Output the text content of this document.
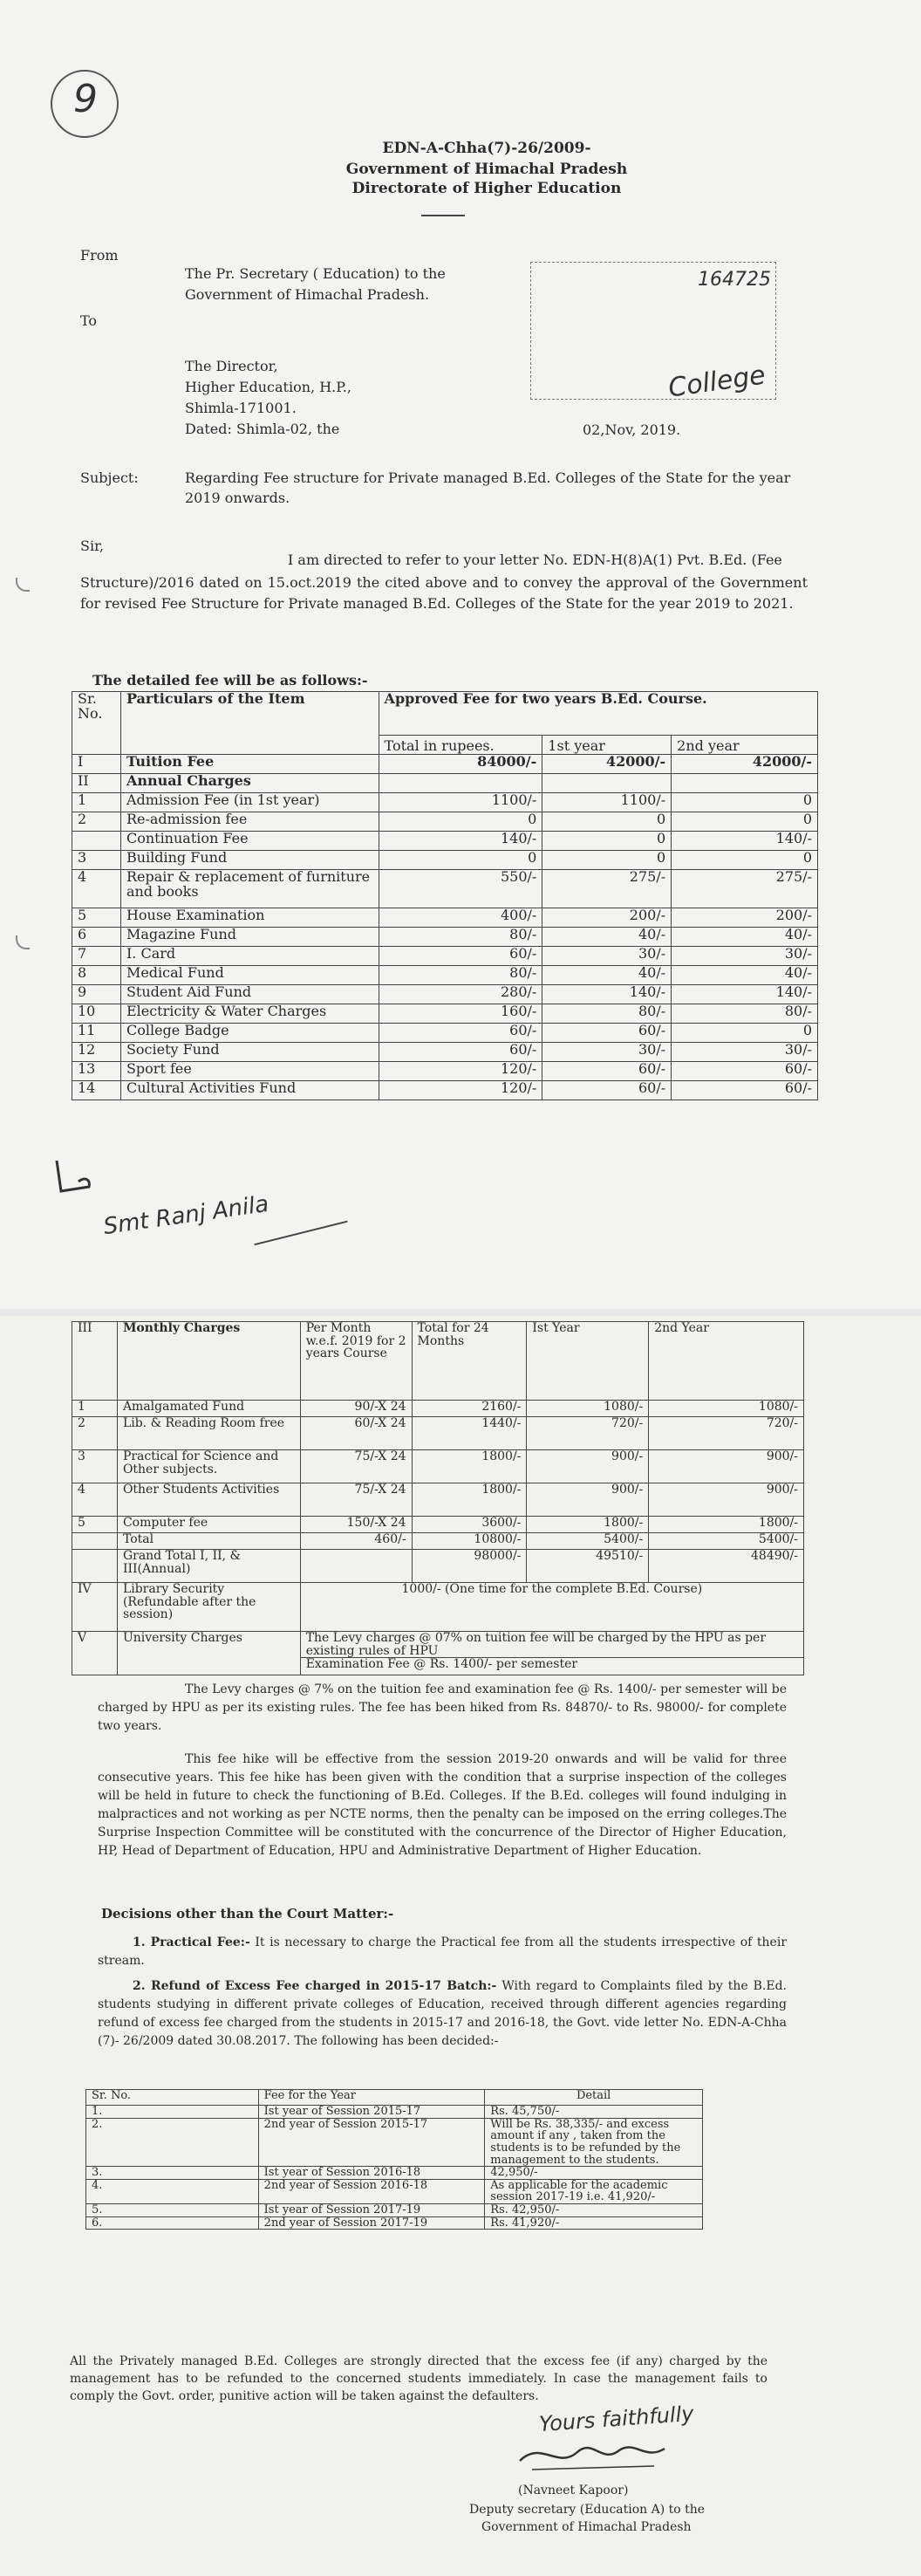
9
EDN-A-Chha(7)-26/2009-
Government of Himachal Pradesh
Directorate of Higher Education
From
The Pr. Secretary ( Education) to the
Government of Himachal Pradesh.
To
The Director,
Higher Education, H.P.,
Shimla-171001.
Dated: Shimla-02, the	02,Nov, 2019.
164725
College
Subject:	Regarding Fee structure for Private managed B.Ed. Colleges of the State for the year
2019 onwards.
Sir,
I am directed to refer to your letter No. EDN-H(8)A(1) Pvt. B.Ed. (Fee

Structure)/2016 dated on 15.oct.2019 the cited above and to convey the approval of the Government for revised Fee Structure for Private managed B.Ed. Colleges of the State for the year 2019 to 2021.

The detailed fee will be as follows:-
Sr. No.	Particulars of the Item	Approved Fee for two years B.Ed. Course.		
		Total in rupees.	1st year	2nd year
I	Tuition Fee	84000/-	42000/-	42000/-
II	Annual Charges			
1	Admission Fee (in 1st year)	1100/-	1100/-	0
2	Re-admission fee	0	0	0
	Continuation Fee	140/-	0	140/-
3	Building Fund	0	0	0
4	Repair & replacement of furniture and books	550/-	275/-	275/-
5	House Examination	400/-	200/-	200/-
6	Magazine Fund	80/-	40/-	40/-
7	I. Card	60/-	30/-	30/-
8	Medical Fund	80/-	40/-	40/-
9	Student Aid Fund	280/-	140/-	140/-
10	Electricity & Water Charges	160/-	80/-	80/-
11	College Badge	60/-	60/-	0
12	Society Fund	60/-	30/-	30/-
13	Sport fee	120/-	60/-	60/-
14	Cultural Activities Fund	120/-	60/-	60/-
Smt Ranj Anila
III	Monthly Charges	Per Month w.e.f. 2019 for 2 years Course	Total for 24 Months	Ist Year	2nd Year
1	Amalgamated Fund	90/-X 24	2160/-	1080/-	1080/-
2	Lib. & Reading Room free	60/-X 24	1440/-	720/-	720/-
3	Practical for Science and Other subjects.	75/-X 24	1800/-	900/-	900/-
4	Other Students Activities	75/-X 24	1800/-	900/-	900/-
5	Computer fee	150/-X 24	3600/-	1800/-	1800/-
	Total	460/-	10800/-	5400/-	5400/-
	Grand Total I, II, & III(Annual)		98000/-	49510/-	48490/-
IV	Library Security (Refundable after the session)	1000/- (One time for the complete B.Ed. Course)			
V	University Charges	The Levy charges @ 07% on tuition fee will be charged by the HPU as per existing rules of HPU
Examination Fee @ Rs. 1400/- per semester			

The Levy charges @ 7% on the tuition fee and examination fee @ Rs. 1400/- per semester will be charged by HPU as per its existing rules. The fee has been hiked from Rs. 84870/- to Rs. 98000/- for complete two years.

This fee hike will be effective from the session 2019-20 onwards and will be valid for three consecutive years. This fee hike has been given with the condition that a surprise inspection of the colleges will be held in future to check the functioning of B.Ed. Colleges. If the B.Ed. colleges will found indulging in malpractices and not working as per NCTE norms, then the penalty can be imposed on the erring colleges.The Surprise Inspection Committee will be constituted with the concurrence of the Director of Higher Education, HP, Head of Department of Education, HPU and Administrative Department of Higher Education.

Decisions other than the Court Matter:-

1. Practical Fee:- It is necessary to charge the Practical fee from all the students irrespective of their stream.

2. Refund of Excess Fee charged in 2015-17 Batch:- With regard to Complaints filed by the B.Ed. students studying in different private colleges of Education, received through different agencies regarding refund of excess fee charged from the students in 2015-17 and 2016-18, the Govt. vide letter No. EDN-A-Chha (7)- 26/2009 dated 30.08.2017. The following has been decided:-

Sr. No.	Fee for the Year	Detail
1.	Ist year of Session 2015-17	Rs. 45,750/-
2.	2nd year of Session 2015-17	Will be Rs. 38,335/- and excess amount if any , taken from the students is to be refunded by the management to the students.
3.	Ist year of Session 2016-18	42,950/-
4.	2nd year of Session 2016-18	As applicable for the academic session 2017-19 i.e. 41,920/-
5.	Ist year of Session 2017-19	Rs. 42,950/-
6.	2nd year of Session 2017-19	Rs. 41,920/-

All the Privately managed B.Ed. Colleges are strongly directed that the excess fee (if any) charged by the management has to be refunded to the concerned students immediately. In case the management fails to comply the Govt. order, punitive action will be taken against the defaulters.

Yours faithfully
(Navneet Kapoor)
Deputy secretary (Education A) to the
Government of Himachal Pradesh
